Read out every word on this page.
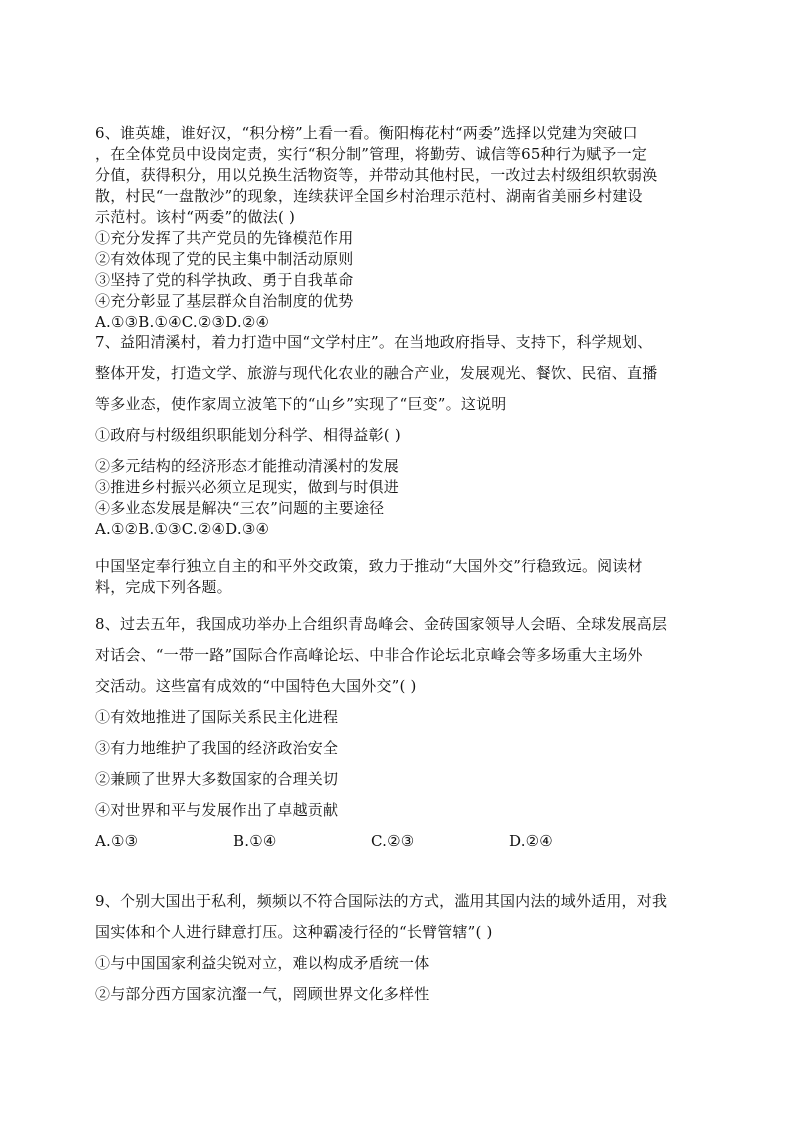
6、谁英雄，谁好汉，“积分榜”上看一看。衡阳梅花村“两委”选择以党建为突破口
，在全体党员中设岗定责，实行“积分制”管理，将勤劳、诚信等65种行为赋予一定
分值，获得积分，用以兑换生活物资等，并带动其他村民，一改过去村级组织软弱涣
散，村民“一盘散沙”的现象，连续获评全国乡村治理示范村、湖南省美丽乡村建设
示范村。该村“两委”的做法( )
①充分发挥了共产党员的先锋模范作用
②有效体现了党的民主集中制活动原则
③坚持了党的科学执政、勇于自我革命
④充分彰显了基层群众自治制度的优势
A.①③B.①④C.②③D.②④
7、益阳清溪村，着力打造中国“文学村庄”。在当地政府指导、支持下，科学规划、
整体开发，打造文学、旅游与现代化农业的融合产业，发展观光、餐饮、民宿、直播
等多业态，使作家周立波笔下的“山乡”实现了“巨变”。这说明
①政府与村级组织职能划分科学、相得益彰( )
②多元结构的经济形态才能推动清溪村的发展
③推进乡村振兴必须立足现实，做到与时俱进
④多业态发展是解决“三农”问题的主要途径
A.①②B.①③C.②④D.③④
中国坚定奉行独立自主的和平外交政策，致力于推动“大国外交”行稳致远。阅读材
料，完成下列各题。
8、过去五年，我国成功举办上合组织青岛峰会、金砖国家领导人会晤、全球发展高层
对话会、“一带一路”国际合作高峰论坛、中非合作论坛北京峰会等多场重大主场外
交活动。这些富有成效的“中国特色大国外交”( )
①有效地推进了国际关系民主化进程
③有力地维护了我国的经济政治安全
②兼顾了世界大多数国家的合理关切
④对世界和平与发展作出了卓越贡献
A.①③	B.①④	C.②③	D.②④
9、个别大国出于私利，频频以不符合国际法的方式，滥用其国内法的域外适用，对我
国实体和个人进行肆意打压。这种霸凌行径的“长臂管辖”( )
①与中国国家利益尖锐对立，难以构成矛盾统一体
②与部分西方国家沆瀣一气，罔顾世界文化多样性
